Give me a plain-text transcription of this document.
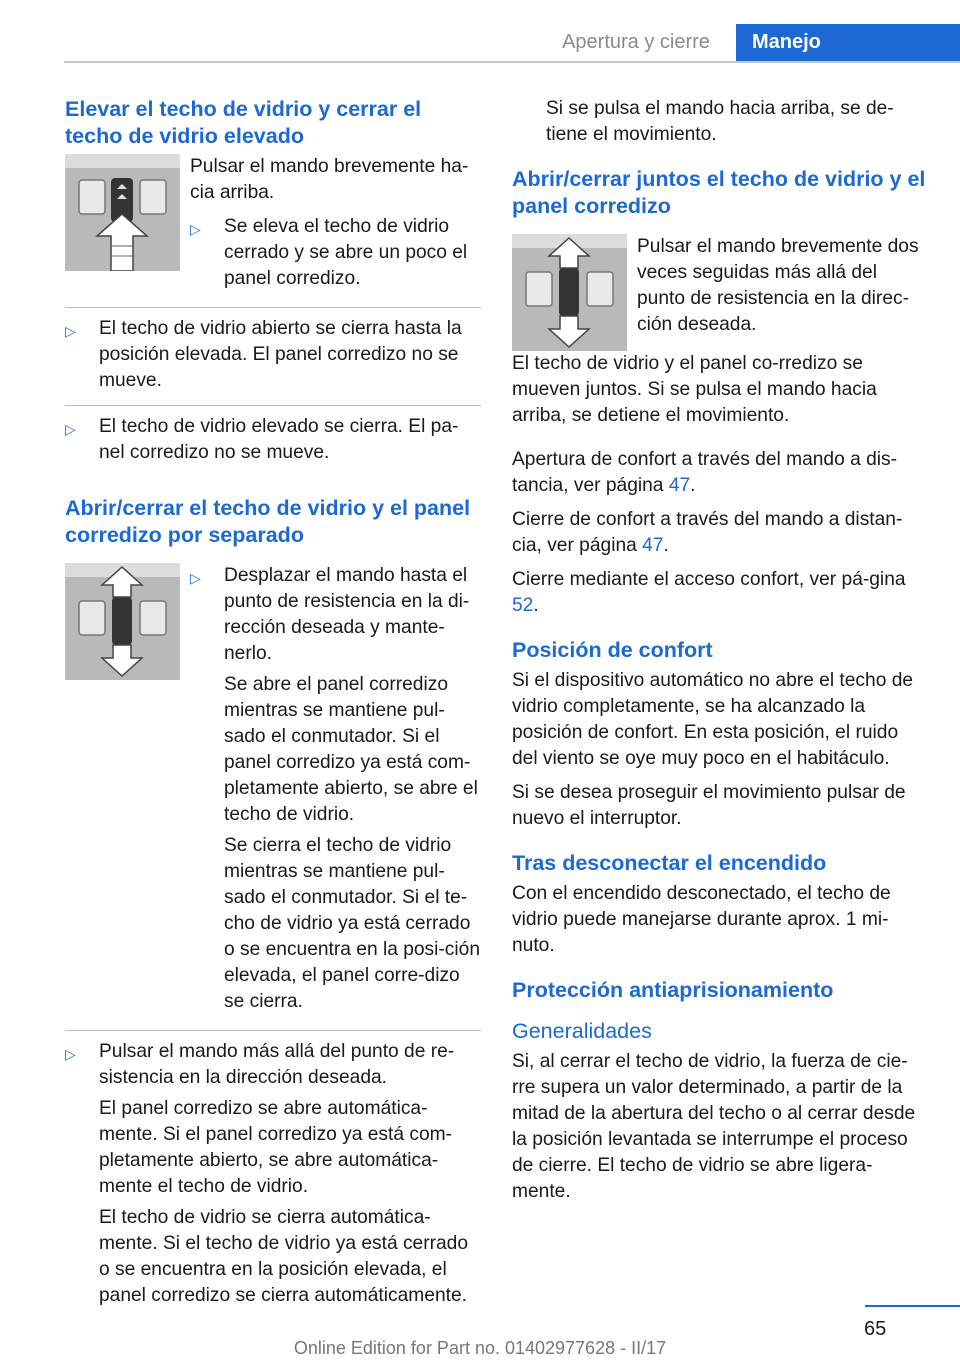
Apertura y cierre	Manejo
Elevar el techo de vidrio y cerrar el techo de vidrio elevado

Pulsar el mando brevemente ha-cia arriba.

▷	Se eleva el techo de vidrio cerrado y se abre un poco el panel corredizo.

▷	El techo de vidrio abierto se cierra hasta la posición elevada. El panel corredizo no se mueve.

▷	El techo de vidrio elevado se cierra. El pa-nel corredizo no se mueve.

Abrir/cerrar el techo de vidrio y el panel corredizo por separado
▷	Desplazar el mando hasta el punto de resistencia en la di-rección deseada y mante-nerlo.

Se abre el panel corredizo mientras se mantiene pul-sado el conmutador. Si el panel corredizo ya está com-pletamente abierto, se abre el techo de vidrio.

Se cierra el techo de vidrio mientras se mantiene pul-sado el conmutador. Si el te-cho de vidrio ya está cerrado o se encuentra en la posi-ción elevada, el panel corre-dizo se cierra.

▷	Pulsar el mando más allá del punto de re-sistencia en la dirección deseada.

El panel corredizo se abre automática-mente. Si el panel corredizo ya está com-pletamente abierto, se abre automática-mente el techo de vidrio.

El techo de vidrio se cierra automática-mente. Si el techo de vidrio ya está cerrado o se encuentra en la posición elevada, el panel corredizo se cierra automáticamente.

Si se pulsa el mando hacia arriba, se de-tiene el movimiento.

Abrir/cerrar juntos el techo de vidrio y el panel corredizo

Pulsar el mando brevemente dos veces seguidas más allá del punto de resistencia en la direc-ción deseada.

El techo de vidrio y el panel co-rredizo se mueven juntos. Si se pulsa el mando hacia arriba, se detiene el movimiento.

Apertura de confort a través del mando a dis-tancia, ver página 47.

Cierre de confort a través del mando a distan-cia, ver página 47.

Cierre mediante el acceso confort, ver pá-gina 52.

Posición de confort

Si el dispositivo automático no abre el techo de vidrio completamente, se ha alcanzado la posición de confort. En esta posición, el ruido del viento se oye muy poco en el habitáculo.

Si se desea proseguir el movimiento pulsar de nuevo el interruptor.

Tras desconectar el encendido

Con el encendido desconectado, el techo de vidrio puede manejarse durante aprox. 1 mi-nuto.

Protección antiaprisionamiento
Generalidades

Si, al cerrar el techo de vidrio, la fuerza de cie-rre supera un valor determinado, a partir de la mitad de la abertura del techo o al cerrar desde la posición levantada se interrumpe el proceso de cierre. El techo de vidrio se abre ligera-mente.

65
Online Edition for Part no. 01402977628 - II/17
